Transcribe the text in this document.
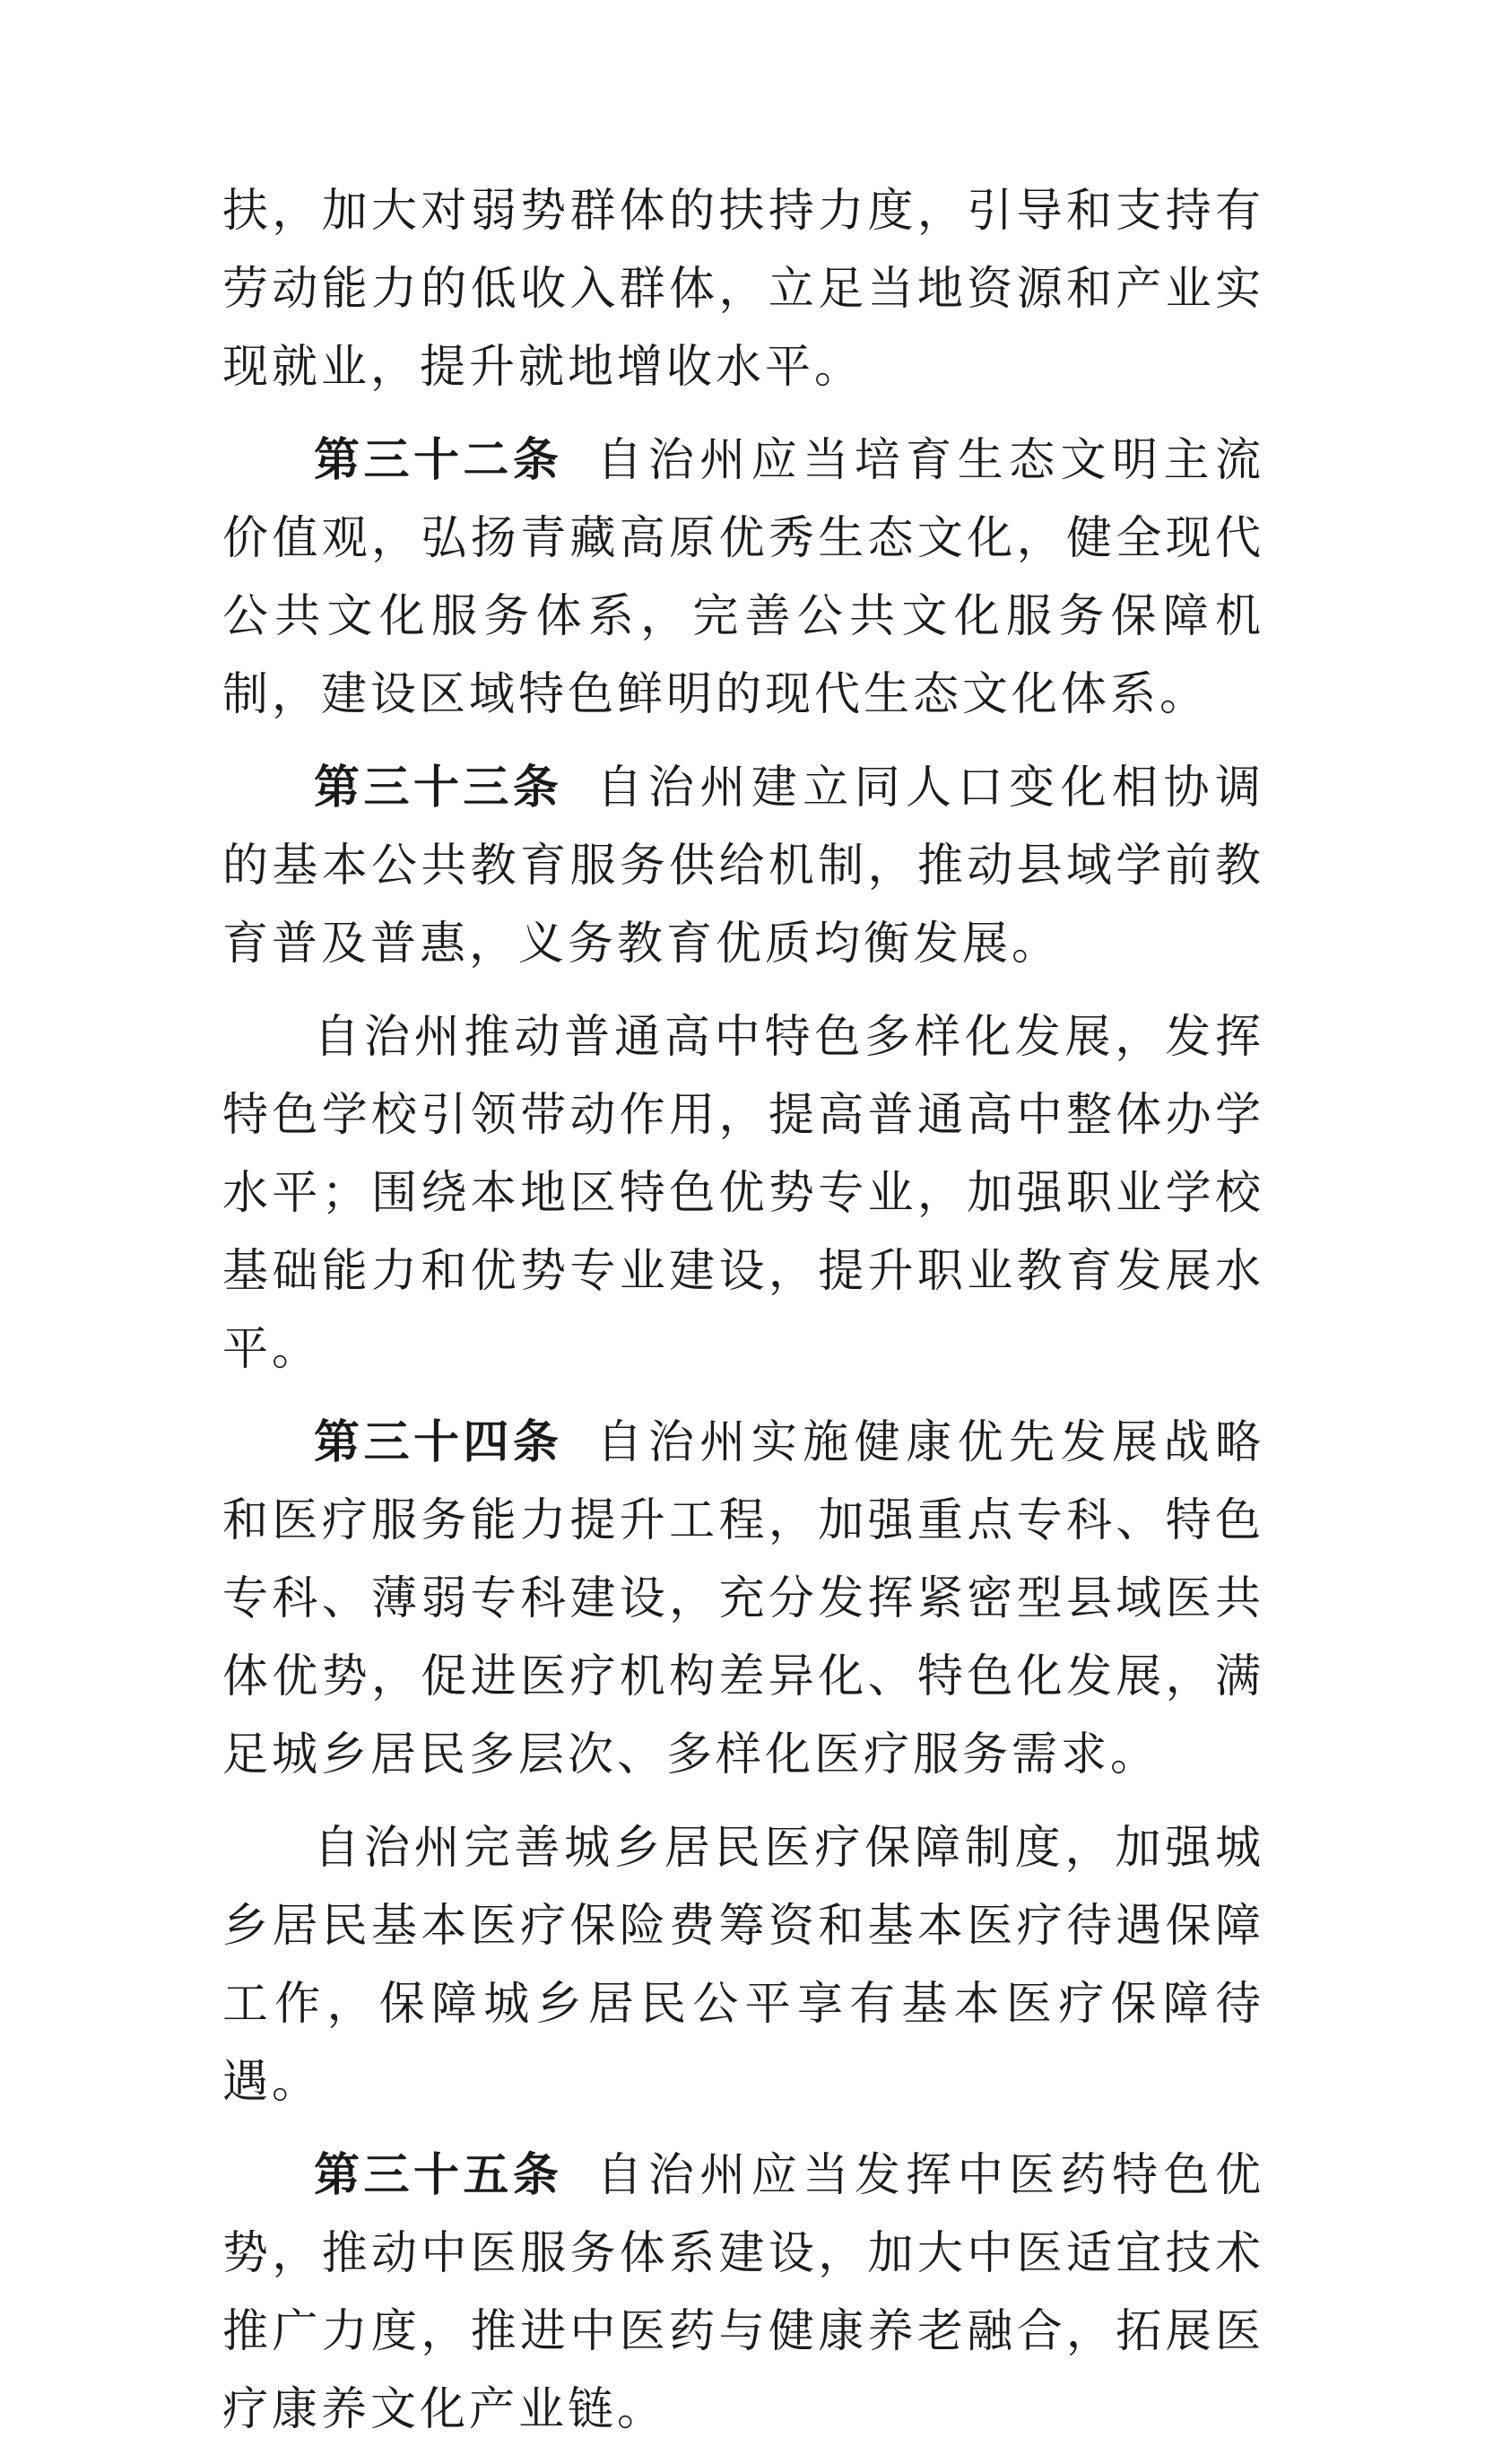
扶，加大对弱势群体的扶持力度，引导和支持有劳动能力的低收入群体，立足当地资源和产业实现就业，提升就地增收水平。

第三十二条 自治州应当培育生态文明主流价值观，弘扬青藏高原优秀生态文化，健全现代公共文化服务体系，完善公共文化服务保障机制，建设区域特色鲜明的现代生态文化体系。

第三十三条 自治州建立同人口变化相协调的基本公共教育服务供给机制，推动县域学前教育普及普惠，义务教育优质均衡发展。

自治州推动普通高中特色多样化发展，发挥特色学校引领带动作用，提高普通高中整体办学水平；围绕本地区特色优势专业，加强职业学校基础能力和优势专业建设，提升职业教育发展水平。

第三十四条 自治州实施健康优先发展战略和医疗服务能力提升工程，加强重点专科、特色专科、薄弱专科建设，充分发挥紧密型县域医共体优势，促进医疗机构差异化、特色化发展，满足城乡居民多层次、多样化医疗服务需求。

自治州完善城乡居民医疗保障制度，加强城乡居民基本医疗保险费筹资和基本医疗待遇保障工作，保障城乡居民公平享有基本医疗保障待遇。

第三十五条 自治州应当发挥中医药特色优势，推动中医服务体系建设，加大中医适宜技术推广力度，推进中医药与健康养老融合，拓展医疗康养文化产业链。
